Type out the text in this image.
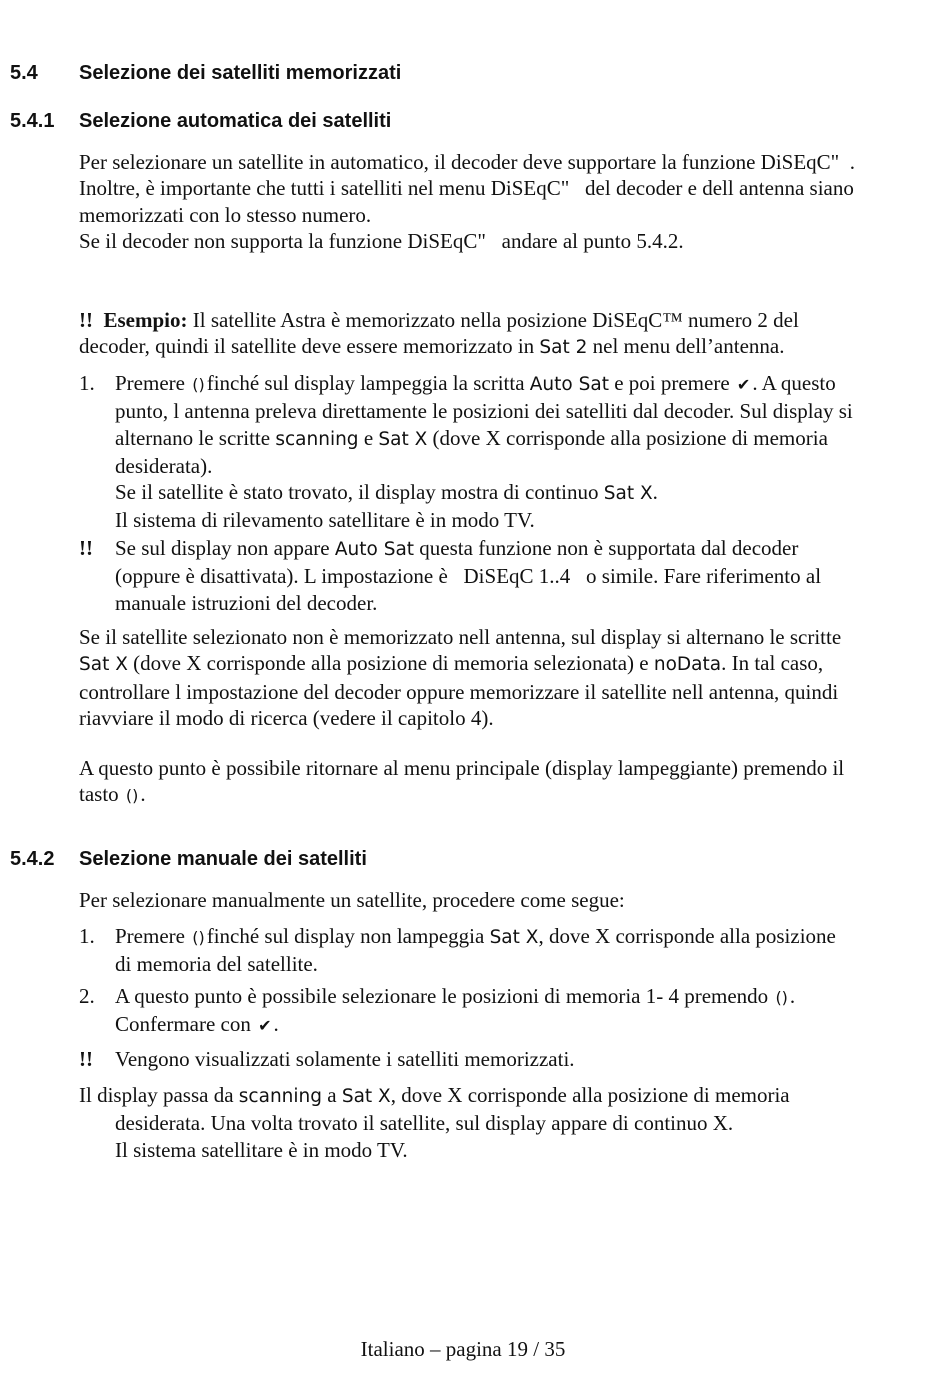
5.4 Selezione dei satelliti memorizzati
5.4.1 Selezione automatica dei satelliti
Per selezionare un satellite in automatico, il decoder deve supportare la funzione DiSEqC"  .
Inoltre, è importante che tutti i satelliti nel menu DiSEqC"   del decoder e dell antenna siano
memorizzati con lo stesso numero.
Se il decoder non supporta la funzione DiSEqC"   andare al punto 5.4.2.
!! Esempio: Il satellite Astra è memorizzato nella posizione DiSEqC™ numero 2 del
decoder, quindi il satellite deve essere memorizzato in Sat 2 nel menu dell’antenna.
1. Premere ()finché sul display lampeggia la scritta Auto Sat e poi premere ✔. A questo
punto, l antenna preleva direttamente le posizioni dei satelliti dal decoder. Sul display si
alternano le scritte scanning e Sat X (dove X corrisponde alla posizione di memoria
desiderata).
Se il satellite è stato trovato, il display mostra di continuo Sat X.
Il sistema di rilevamento satellitare è in modo TV.
!! Se sul display non appare Auto Sat questa funzione non è supportata dal decoder
(oppure è disattivata). L impostazione è   DiSEqC 1..4   o simile. Fare riferimento al
manuale istruzioni del decoder.
Se il satellite selezionato non è memorizzato nell antenna, sul display si alternano le scritte
Sat X (dove X corrisponde alla posizione di memoria selezionata) e noData. In tal caso,
controllare l impostazione del decoder oppure memorizzare il satellite nell antenna, quindi
riavviare il modo di ricerca (vedere il capitolo 4).
A questo punto è possibile ritornare al menu principale (display lampeggiante) premendo il
tasto ().
5.4.2 Selezione manuale dei satelliti
Per selezionare manualmente un satellite, procedere come segue:
1. Premere ()finché sul display non lampeggia Sat X, dove X corrisponde alla posizione
di memoria del satellite.
2. A questo punto è possibile selezionare le posizioni di memoria 1- 4 premendo ().
Confermare con ✔.
!! Vengono visualizzati solamente i satelliti memorizzati.
Il display passa da scanning a Sat X, dove X corrisponde alla posizione di memoria
desiderata. Una volta trovato il satellite, sul display appare di continuo X.
Il sistema satellitare è in modo TV.
Italiano – pagina 19 / 35
